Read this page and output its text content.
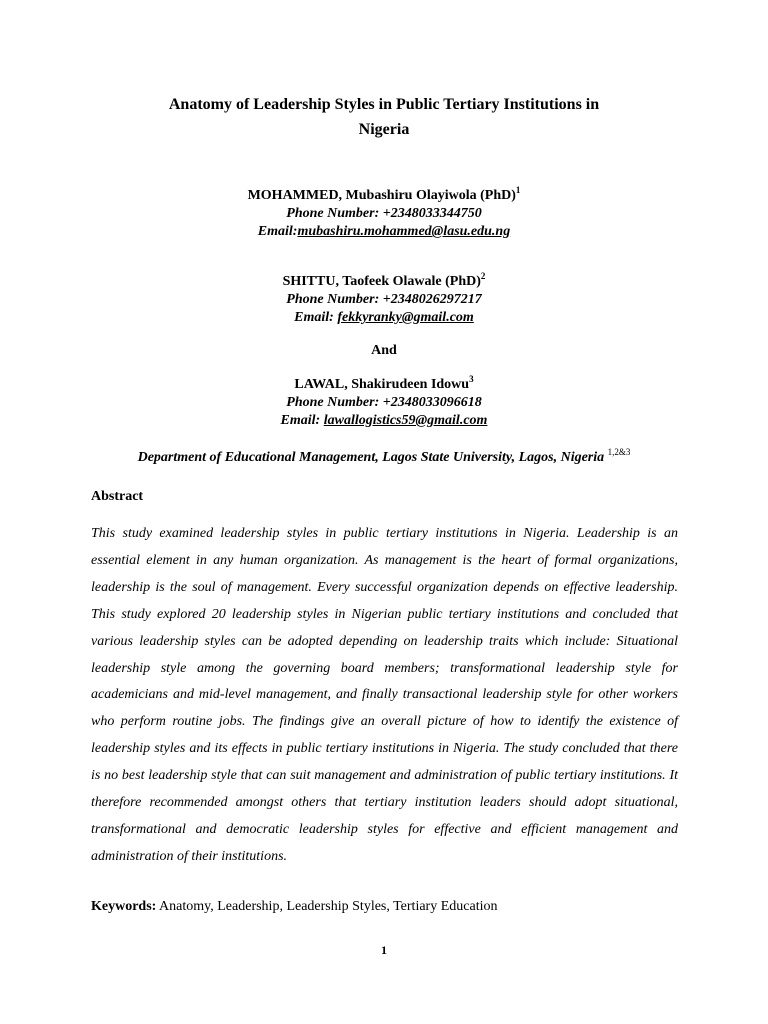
Anatomy of Leadership Styles in Public Tertiary Institutions in Nigeria
MOHAMMED, Mubashiru Olayiwola (PhD)$^1$
Phone Number: +2348033344750
Email:mubashiru.mohammed@lasu.edu.ng
SHITTU, Taofeek Olawale (PhD)$^2$
Phone Number: +2348026297217
Email: fekkyranky@gmail.com
And
LAWAL, Shakirudeen Idowu$^3$
Phone Number: +2348033096618
Email: lawallogistics59@gmail.com
Department of Educational Management, Lagos State University, Lagos, Nigeria $^{1,2\&3}$
Abstract

This study examined leadership styles in public tertiary institutions in Nigeria. Leadership is an essential element in any human organization. As management is the heart of formal organizations, leadership is the soul of management. Every successful organization depends on effective leadership. This study explored 20 leadership styles in Nigerian public tertiary institutions and concluded that various leadership styles can be adopted depending on leadership traits which include: Situational leadership style among the governing board members; transformational leadership style for academicians and mid-level management, and finally transactional leadership style for other workers who perform routine jobs. The findings give an overall picture of how to identify the existence of leadership styles and its effects in public tertiary institutions in Nigeria. The study concluded that there is no best leadership style that can suit management and administration of public tertiary institutions. It therefore recommended amongst others that tertiary institution leaders should adopt situational, transformational and democratic leadership styles for effective and efficient management and administration of their institutions.

Keywords: Anatomy, Leadership, Leadership Styles, Tertiary Education
1
